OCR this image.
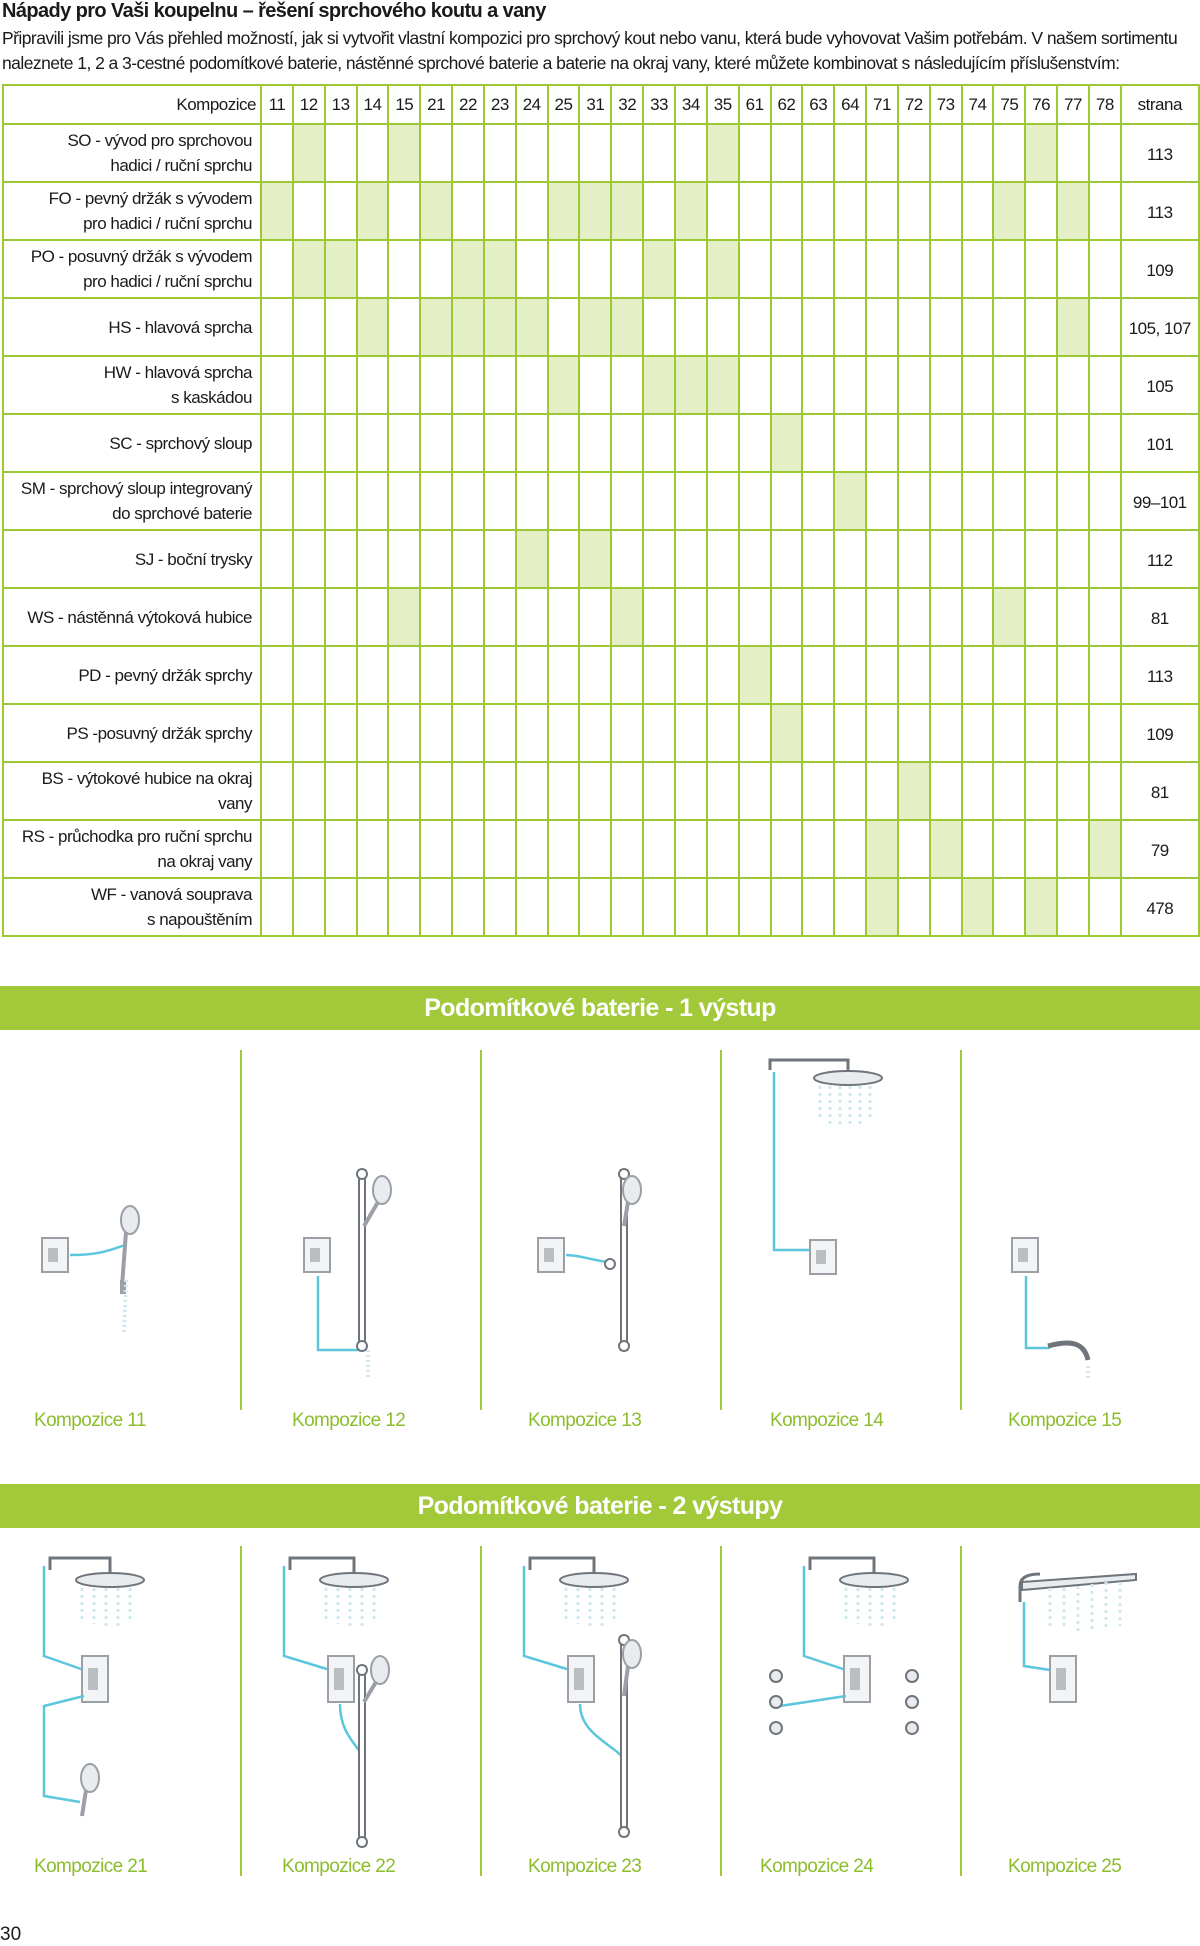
Nápady pro Vaši koupelnu – řešení sprchového koutu a vany
Připravili jsme pro Vás přehled možností, jak si vytvořit vlastní kompozici pro sprchový kout nebo vanu, která bude vyhovovat Vašim potřebám. V našem sortimentu
naleznete 1, 2 a 3-cestné podomítkové baterie, nástěnné sprchové baterie a baterie na okraj vany, které můžete kombinovat s následujícím příslušenstvím:
Kompozice	11	12	13	14	15	21	22	23	24	25	31	32	33	34	35	61	62	63	64	71	72	73	74	75	76	77	78	strana

SO - vývod pro sprchovou
hadici / ruční sprchu																												113

FO - pevný držák s vývodem
pro hadici / ruční sprchu																												113

PO - posuvný držák s vývodem
pro hadici / ruční sprchu																												109

HS - hlavová sprcha																												105, 107

HW - hlavová sprcha
s kaskádou																												105

SC - sprchový sloup																												101

SM - sprchový sloup integrovaný
do sprchové baterie																												99–101

SJ - boční trysky																												112

WS - nástěnná výtoková hubice																												81

PD - pevný držák sprchy																												113

PS -posuvný držák sprchy																												109

BS - výtokové hubice na okraj
vany																												81

RS - průchodka pro ruční sprchu
na okraj vany																												79

WF - vanová souprava
s napouštěním																												478
Podomítkové baterie - 1 výstup
Kompozice 11	Kompozice 12	Kompozice 13	Kompozice 14	Kompozice 15
Podomítkové baterie - 2 výstupy
Kompozice 21	Kompozice 22	Kompozice 23	Kompozice 24	Kompozice 25
30
